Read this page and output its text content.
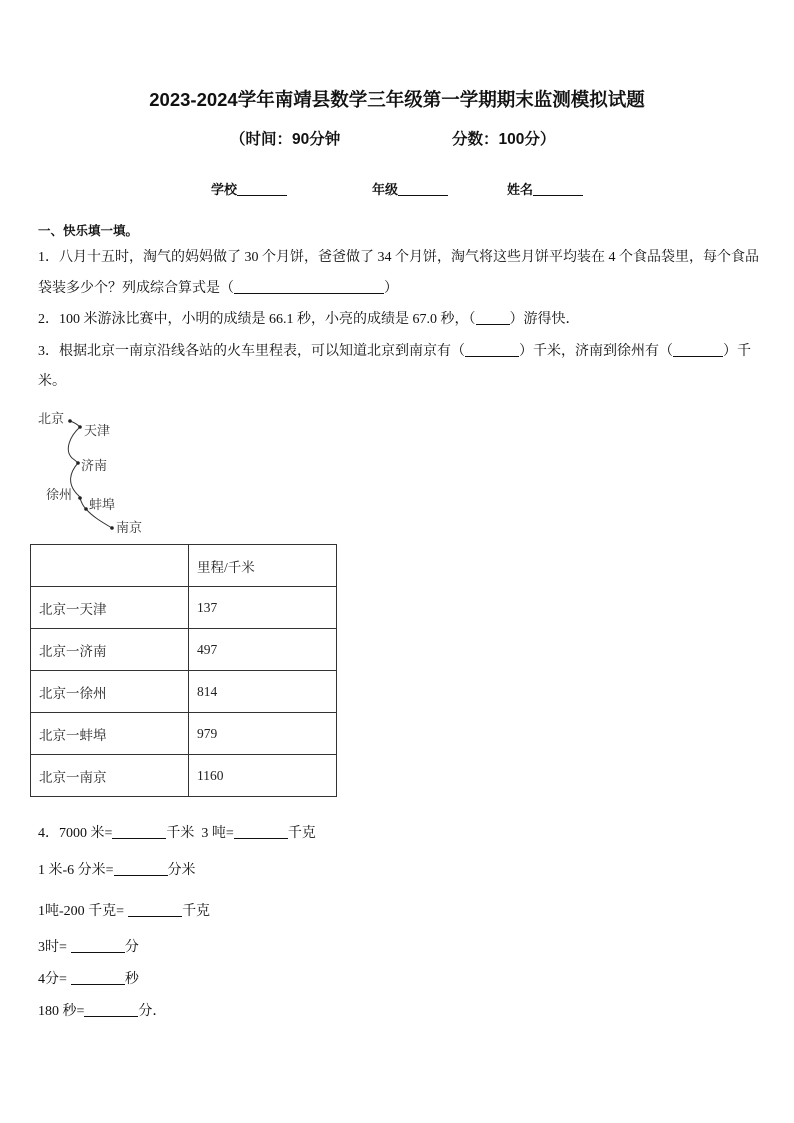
2023-2024学年南靖县数学三年级第一学期期末监测模拟试题
（时间：90分钟	分数：100分）
学校	年级	姓名
一、快乐填一填。
1．八月十五时，淘气的妈妈做了 30 个月饼，爸爸做了 34 个月饼，淘气将这些月饼平均装在 4 个食品袋里，每个食品
袋装多少个？列成综合算式是（	）
2．100 米游泳比赛中，小明的成绩是 66.1 秒，小亮的成绩是 67.0 秒，（ ）游得快．
3．根据北京一南京沿线各站的火车里程表，可以知道北京到南京有（	）千米，济南到徐州有（	）千
米。
北京
天津
济南
徐州
蚌埠
南京
	里程/千米
北京一天津	137
北京一济南	497
北京一徐州	814
北京一蚌埠	979
北京一南京	1160
4．7000 米=	千米  3 吨=	千克
1 米-6 分米=	分米
1吨-200 千克=	千克
3时=	分
4分=	秒
180 秒=	分．
